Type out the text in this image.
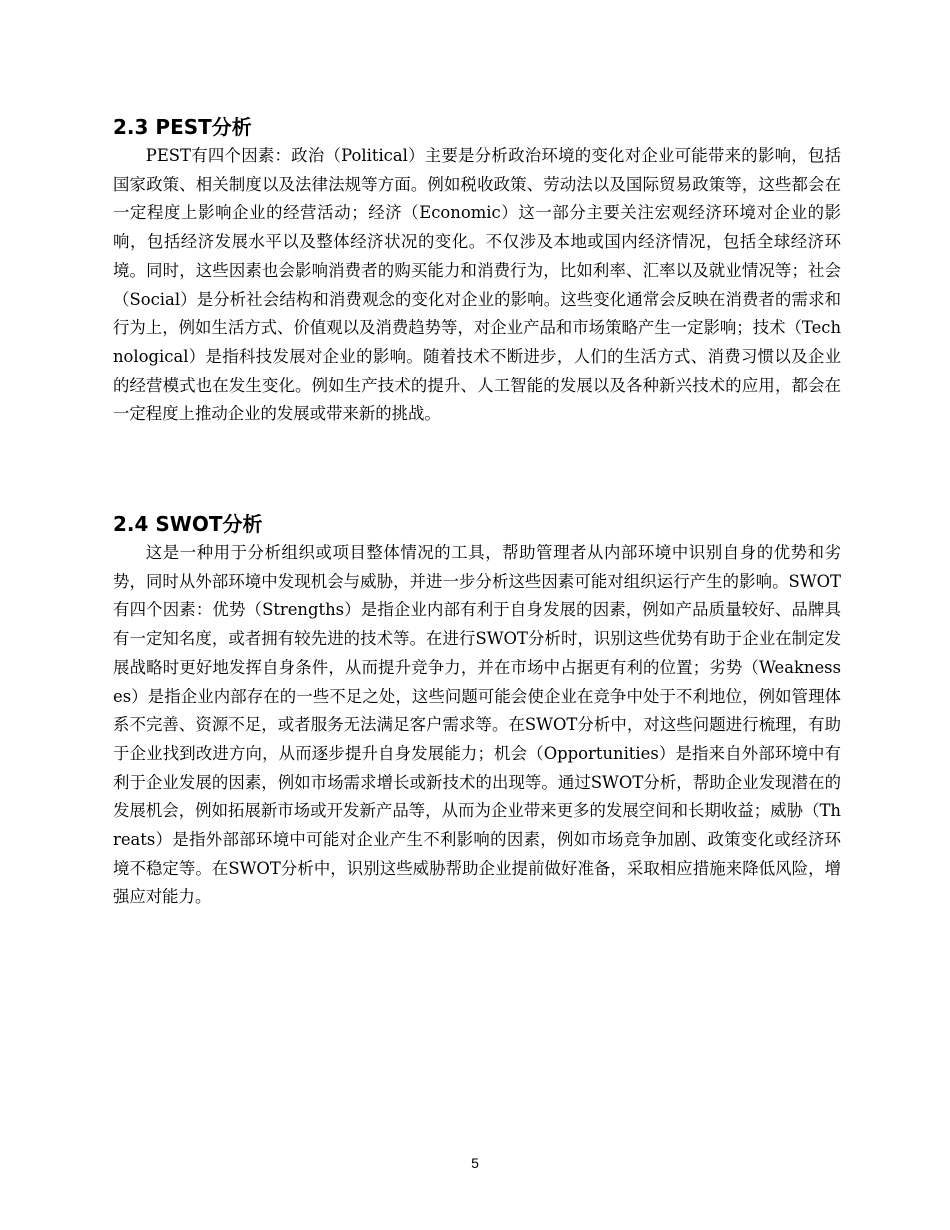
2.3 PEST分析

PEST有四个因素：政治（Political）主要是分析政治环境的变化对企业可能带来的影响，包括国家政策、相关制度以及法律法规等方面。例如税收政策、劳动法以及国际贸易政策等，这些都会在一定程度上影响企业的经营活动；经济（Economic）这一部分主要关注宏观经济环境对企业的影响，包括经济发展水平以及整体经济状况的变化。不仅涉及本地或国内经济情况，包括全球经济环境。同时，这些因素也会影响消费者的购买能力和消费行为，比如利率、汇率以及就业情况等；社会（Social）是分析社会结构和消费观念的变化对企业的影响。这些变化通常会反映在消费者的需求和行为上，例如生活方式、价值观以及消费趋势等，对企业产品和市场策略产生一定影响；技术（Technological）是指科技发展对企业的影响。随着技术不断进步，人们的生活方式、消费习惯以及企业的经营模式也在发生变化。例如生产技术的提升、人工智能的发展以及各种新兴技术的应用，都会在一定程度上推动企业的发展或带来新的挑战。

2.4 SWOT分析

这是一种用于分析组织或项目整体情况的工具，帮助管理者从内部环境中识别自身的优势和劣势，同时从外部环境中发现机会与威胁，并进一步分析这些因素可能对组织运行产生的影响。SWOT有四个因素：优势（Strengths）是指企业内部有利于自身发展的因素，例如产品质量较好、品牌具有一定知名度，或者拥有较先进的技术等。在进行SWOT分析时，识别这些优势有助于企业在制定发展战略时更好地发挥自身条件，从而提升竞争力，并在市场中占据更有利的位置；劣势（Weaknesses）是指企业内部存在的一些不足之处，这些问题可能会使企业在竞争中处于不利地位，例如管理体系不完善、资源不足，或者服务无法满足客户需求等。在SWOT分析中，对这些问题进行梳理，有助于企业找到改进方向，从而逐步提升自身发展能力；机会（Opportunities）是指来自外部环境中有利于企业发展的因素，例如市场需求增长或新技术的出现等。通过SWOT分析，帮助企业发现潜在的发展机会，例如拓展新市场或开发新产品等，从而为企业带来更多的发展空间和长期收益；威胁（Threats）是指外部部环境中可能对企业产生不利影响的因素，例如市场竞争加剧、政策变化或经济环境不稳定等。在SWOT分析中，识别这些威胁帮助企业提前做好准备，采取相应措施来降低风险，增强应对能力。

5
